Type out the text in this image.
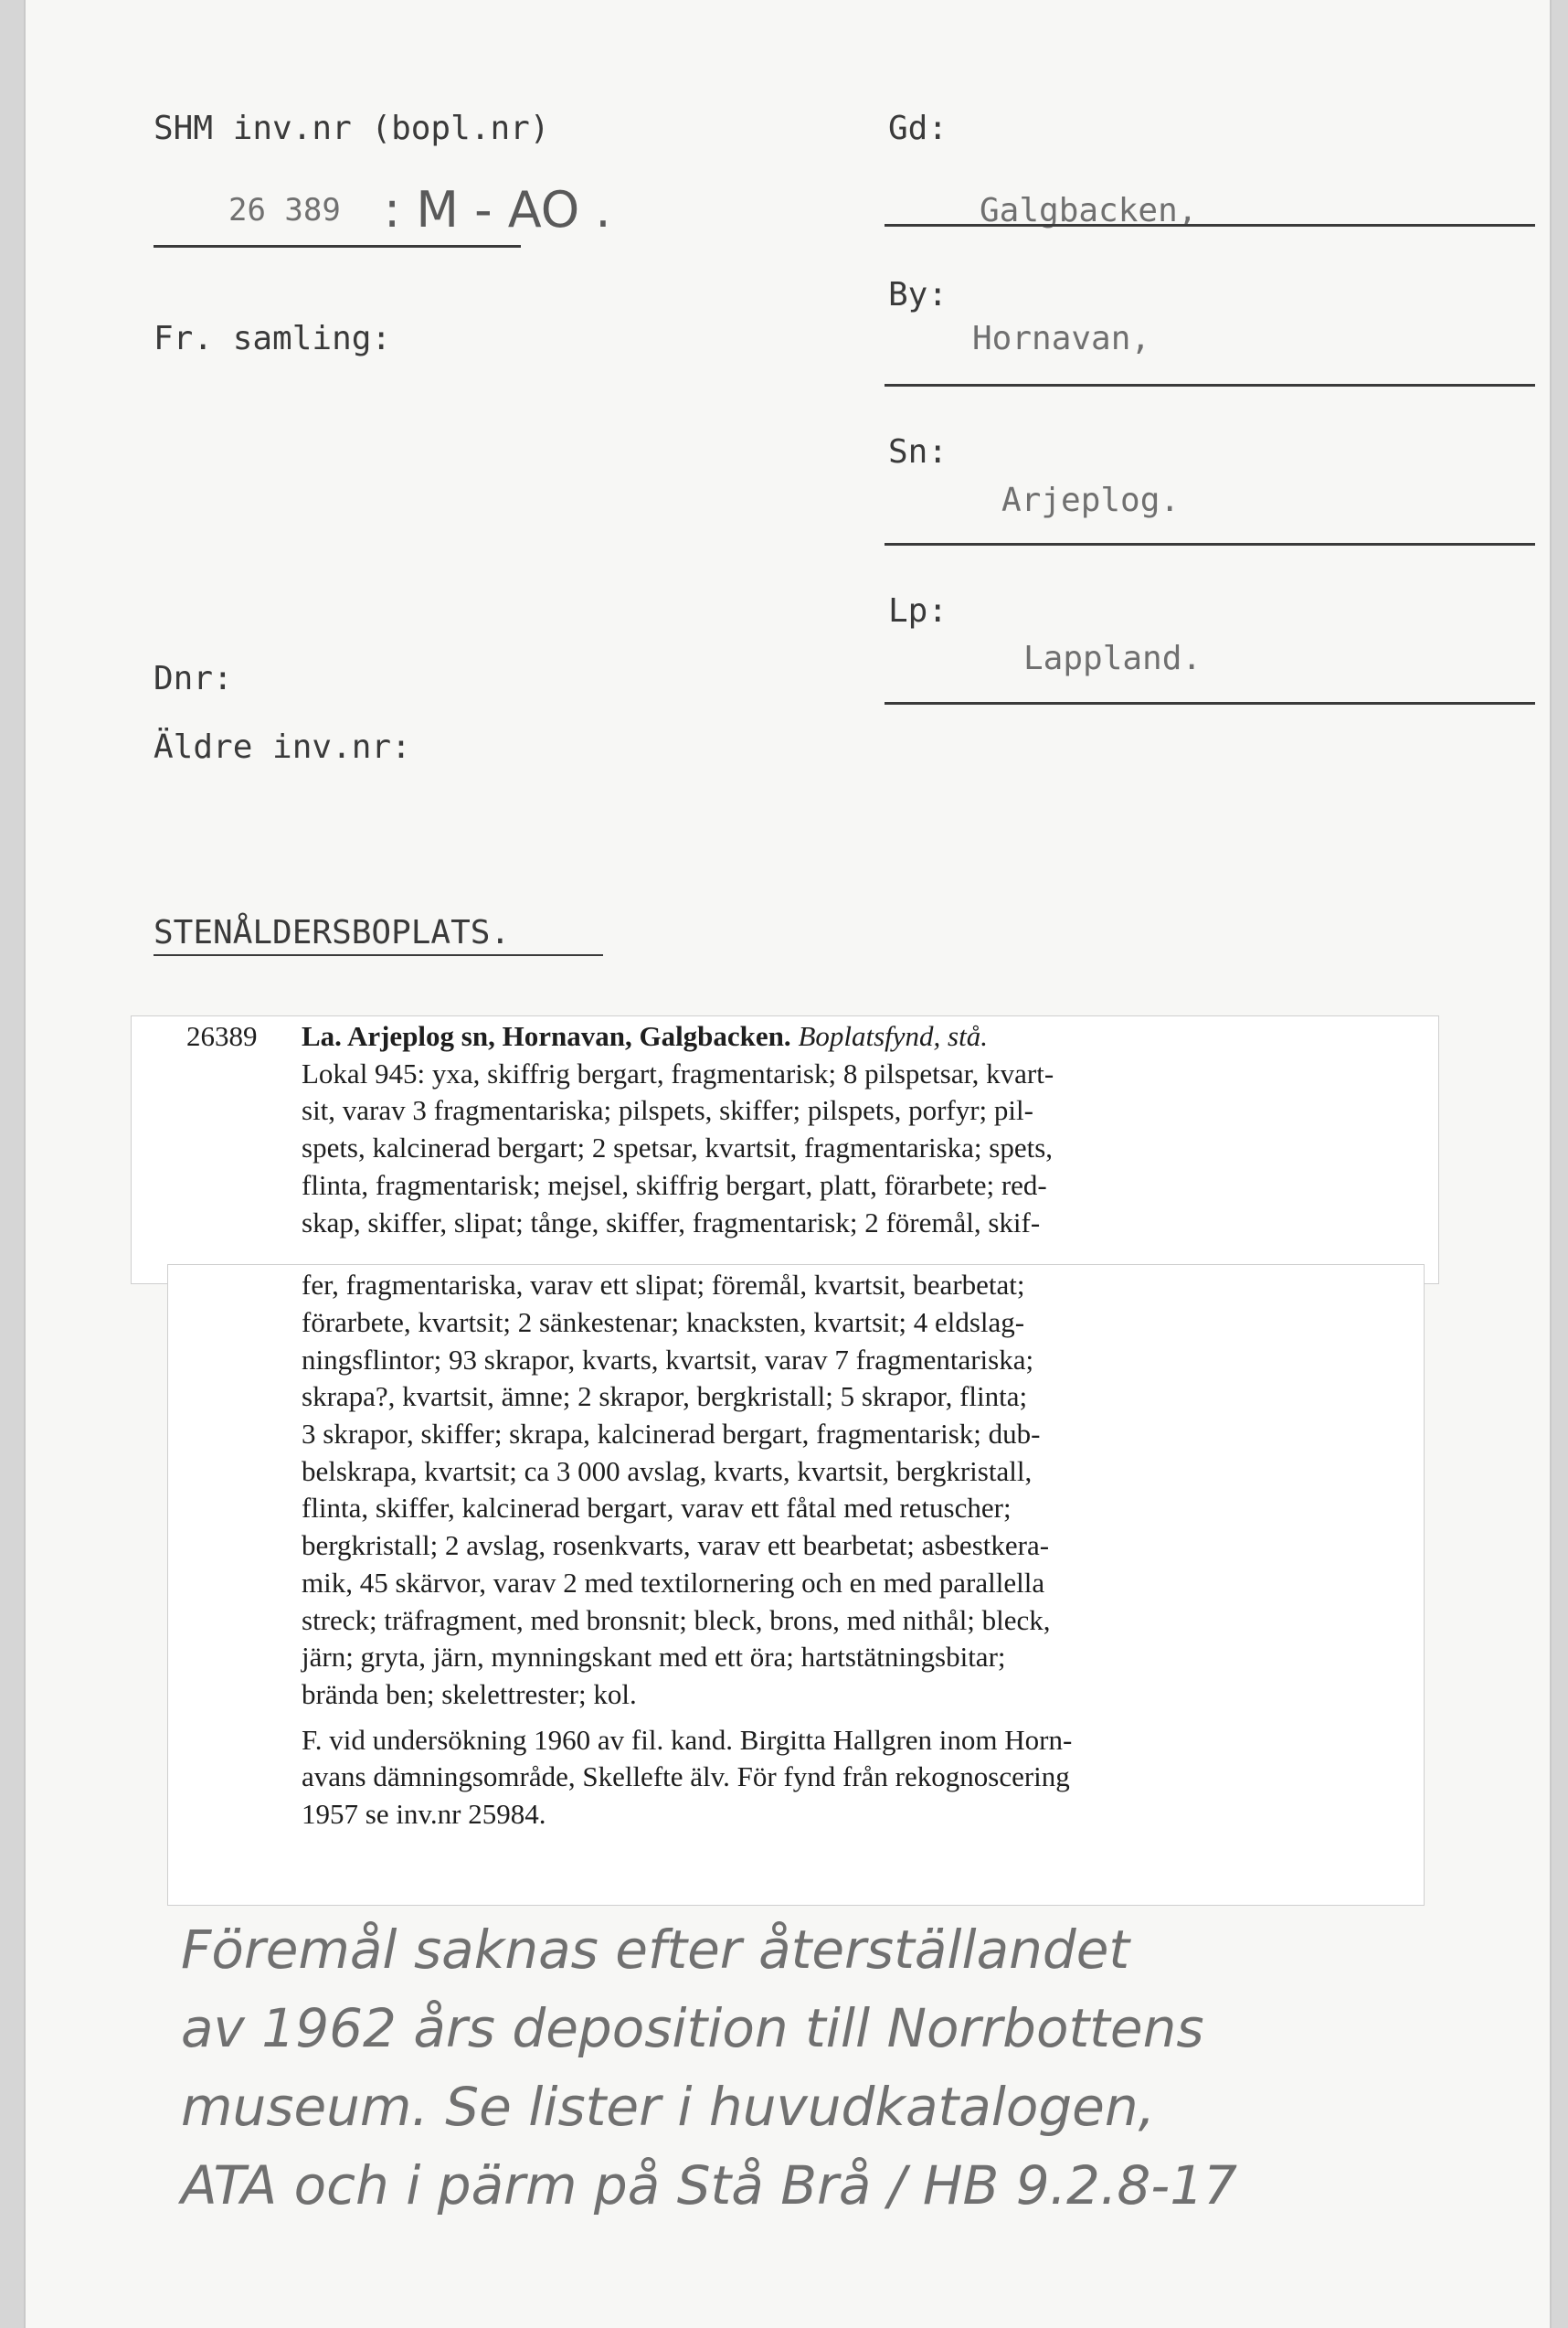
SHM inv.nr (bopl.nr)
26 389 : M - AO .
Fr. samling:
Dnr:
Äldre inv.nr:
STENÅLDERSBOPLATS.
Gd:
Galgbacken,
By:
Hornavan,
Sn:
Arjeplog.
Lp:
Lappland.

26389 La. Arjeplog sn, Hornavan, Galgbacken. Boplatsfynd, stå.

Lokal 945: yxa, skiffrig bergart, fragmentarisk; 8 pilspetsar, kvart-

sit, varav 3 fragmentariska; pilspets, skiffer; pilspets, porfyr; pil-

spets, kalcinerad bergart; 2 spetsar, kvartsit, fragmentariska; spets,

flinta, fragmentarisk; mejsel, skiffrig bergart, platt, förarbete; red-

skap, skiffer, slipat; tånge, skiffer, fragmentarisk; 2 föremål, skif-

fer, fragmentariska, varav ett slipat; föremål, kvartsit, bearbetat;

förarbete, kvartsit; 2 sänkestenar; knacksten, kvartsit; 4 eldslag-

ningsflintor; 93 skrapor, kvarts, kvartsit, varav 7 fragmentariska;

skrapa?, kvartsit, ämne; 2 skrapor, bergkristall; 5 skrapor, flinta;

3 skrapor, skiffer; skrapa, kalcinerad bergart, fragmentarisk; dub-

belskrapa, kvartsit; ca 3 000 avslag, kvarts, kvartsit, bergkristall,

flinta, skiffer, kalcinerad bergart, varav ett fåtal med retuscher;

bergkristall; 2 avslag, rosenkvarts, varav ett bearbetat; asbestkera-

mik, 45 skärvor, varav 2 med textilornering och en med parallella

streck; träfragment, med bronsnit; bleck, brons, med nithål; bleck,

järn; gryta, järn, mynningskant med ett öra; hartstätningsbitar;

brända ben; skelettrester; kol.

F. vid undersökning 1960 av fil. kand. Birgitta Hallgren inom Horn-

avans dämningsområde, Skellefte älv. För fynd från rekognoscering

1957 se inv.nr 25984.

Föremål saknas efter återställandet
av 1962 års deposition till Norrbottens
museum. Se lister i huvudkatalogen,
ATA och i pärm på Stå Brå / HB 9.2.8-17
